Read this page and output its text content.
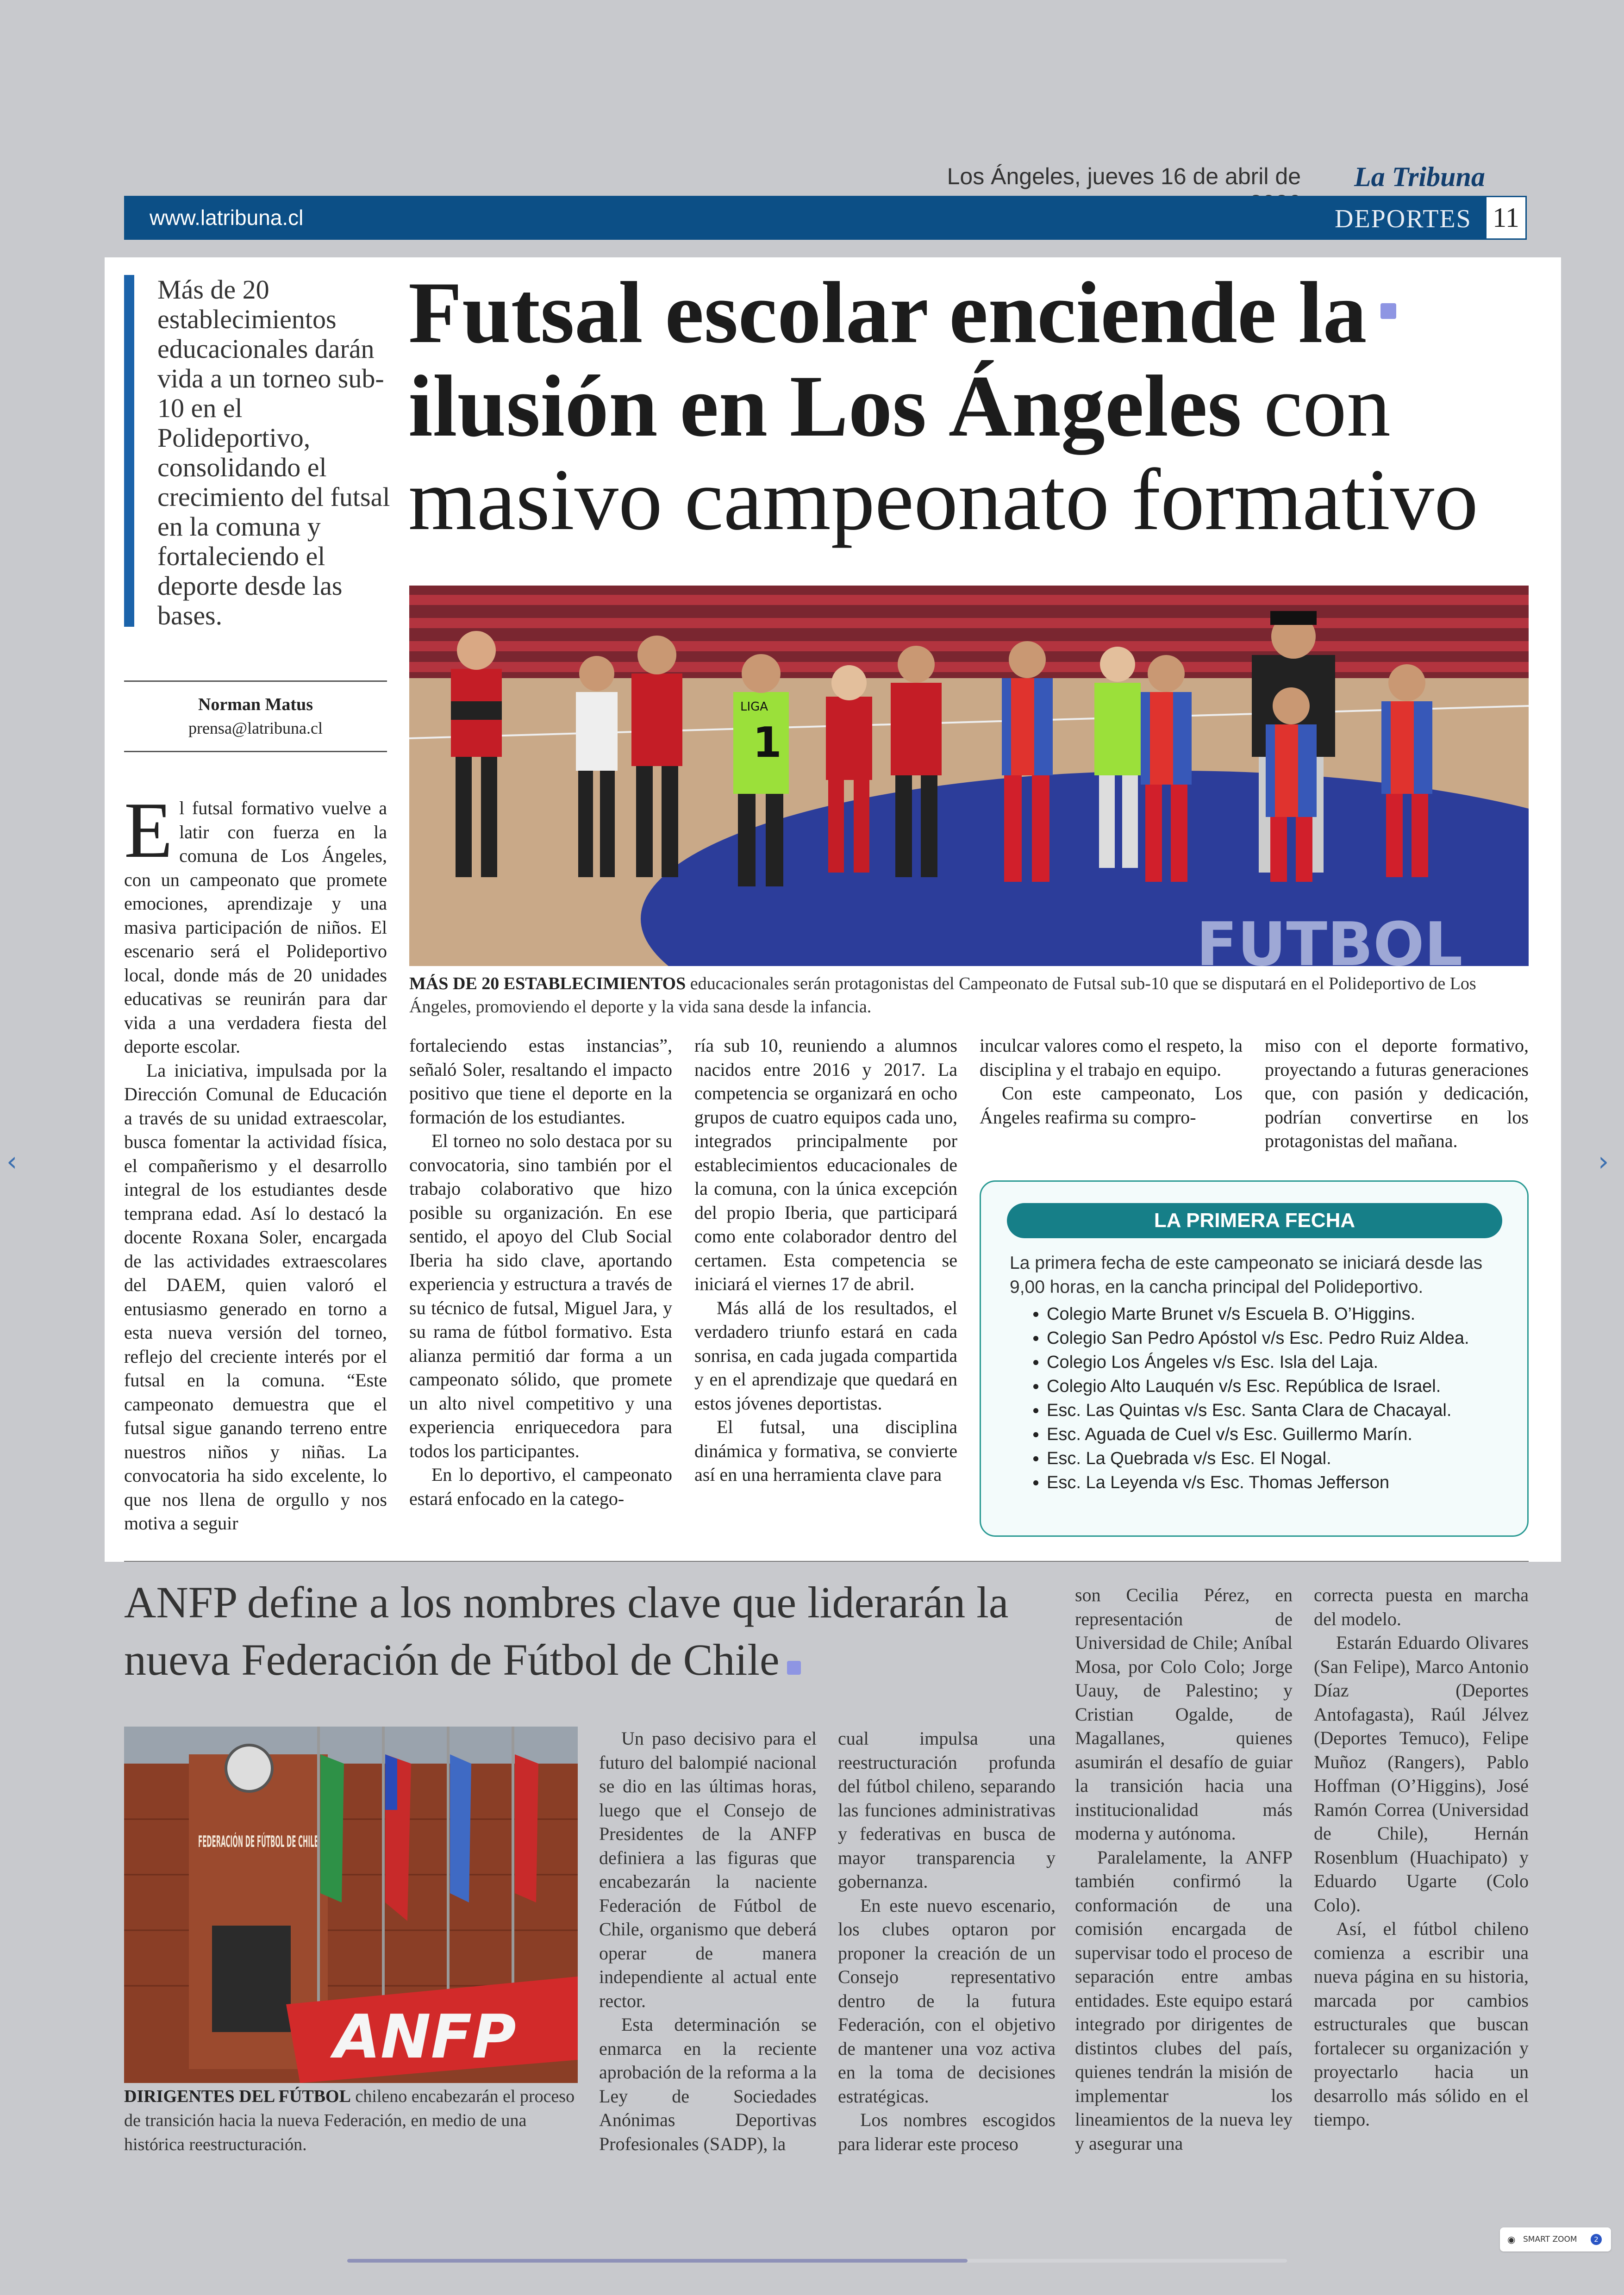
‹	›
Los Ángeles, jueves 16 de abril de La Tribuna
www.latribuna.cl	DEPORTES 11
Más de 20 establecimientos educacionales darán vida a un torneo sub-10 en el Polideportivo, consolidando el crecimiento del futsal en la comuna y fortaleciendo el deporte desde las bases.
Norman Matus
prensa@latribuna.cl
Futsal escolar enciende la ilusión en Los Ángeles con masivo campeonato formativo
FUTBOL
1
LIGA
MÁS DE 20 ESTABLECIMIENTOS educacionales serán protagonistas del Campeonato de Futsal sub-10 que se disputará en el Polideportivo de Los Ángeles, promoviendo el deporte y la vida sana desde la infancia.

El futsal formativo vuelve a latir con fuerza en la comuna de Los Ángeles, con un campeonato que promete emociones, aprendizaje y una masiva participación de niños. El escenario será el Polideportivo local, donde más de 20 unidades educativas se reunirán para dar vida a una verdadera fiesta del deporte escolar.

La iniciativa, impulsada por la Dirección Comunal de Educación a través de su unidad extraescolar, busca fomentar la actividad física, el compañerismo y el desarrollo integral de los estudiantes desde temprana edad. Así lo destacó la docente Roxana Soler, encargada de las actividades extraescolares del DAEM, quien valoró el entusiasmo generado en torno a esta nueva versión del torneo, reflejo del creciente interés por el futsal en la comuna. “Este campeonato demuestra que el futsal sigue ganando terreno entre nuestros niños y niñas. La convocatoria ha sido excelente, lo que nos llena de orgullo y nos motiva a seguir

fortaleciendo estas instancias”, señaló Soler, resaltando el impacto positivo que tiene el deporte en la formación de los estudiantes.

El torneo no solo destaca por su convocatoria, sino también por el trabajo colaborativo que hizo posible su organización. En ese sentido, el apoyo del Club Social Iberia ha sido clave, aportando experiencia y estructura a través de su técnico de futsal, Miguel Jara, y su rama de fútbol formativo. Esta alianza permitió dar forma a un campeonato sólido, que promete un alto nivel competitivo y una experiencia enriquecedora para todos los participantes.

En lo deportivo, el campeonato estará enfocado en la catego-

ría sub 10, reuniendo a alumnos nacidos entre 2016 y 2017. La competencia se organizará en ocho grupos de cuatro equipos cada uno, integrados principalmente por establecimientos educacionales de la comuna, con la única excepción del propio Iberia, que participará como ente colaborador dentro del certamen. Esta competencia se iniciará el viernes 17 de abril.

Más allá de los resultados, el verdadero triunfo estará en cada sonrisa, en cada jugada compartida y en el aprendizaje que quedará en estos jóvenes deportistas.

El futsal, una disciplina dinámica y formativa, se convierte así en una herramienta clave para

inculcar valores como el respeto, la disciplina y el trabajo en equipo.

Con este campeonato, Los Ángeles reafirma su compro-

miso con el deporte formativo, proyectando a futuras generaciones que, con pasión y dedicación, podrían convertirse en los protagonistas del mañana.

LA PRIMERA FECHA
La primera fecha de este campeonato se iniciará desde las 9,00 horas, en la cancha principal del Polideportivo.
• Colegio Marte Brunet v/s Escuela B. O’Higgins.
• Colegio San Pedro Apóstol v/s Esc. Pedro Ruiz Aldea.
• Colegio Los Ángeles v/s Esc. Isla del Laja.
• Colegio Alto Lauquén v/s Esc. República de Israel.
• Esc. Las Quintas v/s Esc. Santa Clara de Chacayal.
• Esc. Aguada de Cuel v/s Esc. Guillermo Marín.
• Esc. La Quebrada v/s Esc. El Nogal.
• Esc. La Leyenda v/s Esc. Thomas Jefferson
ANFP define a los nombres clave que liderarán la nueva Federación de Fútbol de Chile
ANFP
DIRIGENTES DEL FÚTBOL chileno encabezarán el proceso de transición hacia la nueva Federación, en medio de una histórica reestructuración.

Un paso decisivo para el futuro del balompié nacional se dio en las últimas horas, luego que el Consejo de Presidentes de la ANFP definiera a las figuras que encabezarán la naciente Federación de Fútbol de Chile, organismo que deberá operar de manera independiente al actual ente rector.

Esta determinación se enmarca en la reciente aprobación de la reforma a la Ley de Sociedades Anónimas Deportivas Profesionales (SADP), la

cual impulsa una reestructuración profunda del fútbol chileno, separando las funciones administrativas y federativas en busca de mayor transparencia y gobernanza.

En este nuevo escenario, los clubes optaron por proponer la creación de un Consejo representativo dentro de la futura Federación, con el objetivo de mantener una voz activa en la toma de decisiones estratégicas.

Los nombres escogidos para liderar este proceso

son Cecilia Pérez, en representación de Universidad de Chile; Aníbal Mosa, por Colo Colo; Jorge Uauy, de Palestino; y Cristian Ogalde, de Magallanes, quienes asumirán el desafío de guiar la transición hacia una institucionalidad más moderna y autónoma.

Paralelamente, la ANFP también confirmó la conformación de una comisión encargada de supervisar todo el proceso de separación entre ambas entidades. Este equipo estará integrado por dirigentes de distintos clubes del país, quienes tendrán la misión de implementar los lineamientos de la nueva ley y asegurar una

correcta puesta en marcha del modelo.

Estarán Eduardo Olivares (San Felipe), Marco Antonio Díaz (Deportes Antofagasta), Raúl Jélvez (Deportes Temuco), Felipe Muñoz (Rangers), Pablo Hoffman (O’Higgins), José Ramón Correa (Universidad de Chile), Hernán Rosenblum (Huachipato) y Eduardo Ugarte (Colo Colo).

Así, el fútbol chileno comienza a escribir una nueva página en su historia, marcada por cambios estructurales que buscan fortalecer su organización y proyectarlo hacia un desarrollo más sólido en el tiempo.

◉ SMART ZOOM	2
